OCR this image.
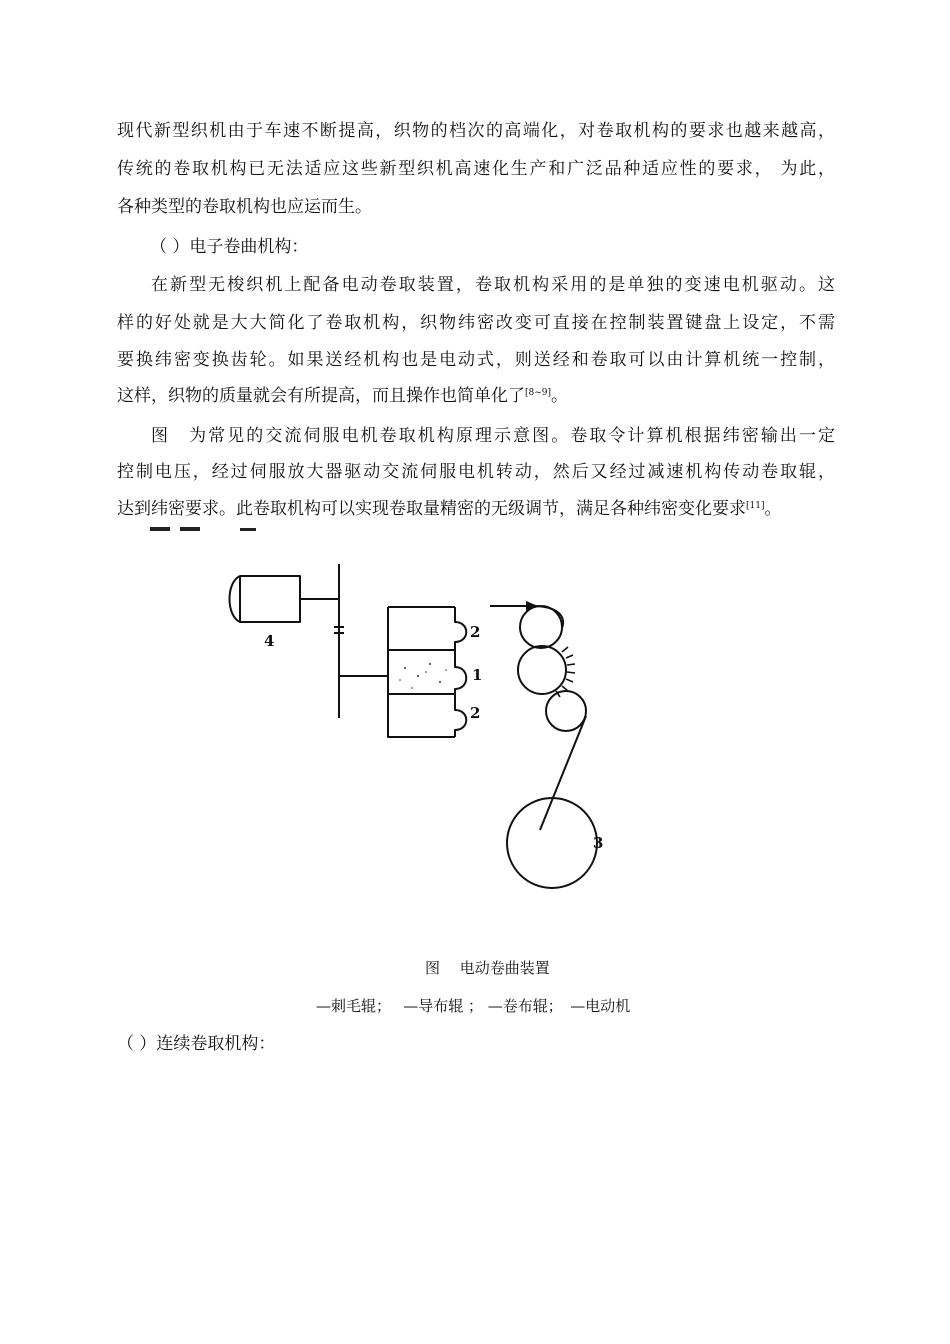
现代新型织机由于车速不断提高，织物的档次的高端化，对卷取机构的要求也越来越高，
传统的卷取机构已无法适应这些新型织机高速化生产和广泛品种适应性的要求， 为此，
各种类型的卷取机构也应运而生。
（ ）电子卷曲机构：
在新型无梭织机上配备电动卷取装置，卷取机构采用的是单独的变速电机驱动。这
样的好处就是大大简化了卷取机构，织物纬密改变可直接在控制装置键盘上设定，不需
要换纬密变换齿轮。如果送经机构也是电动式，则送经和卷取可以由计算机统一控制，
这样，织物的质量就会有所提高，而且操作也简单化了[8~9]。
图　为常见的交流伺服电机卷取机构原理示意图。卷取令计算机根据纬密输出一定
控制电压，经过伺服放大器驱动交流伺服电机转动，然后又经过减速机构传动卷取辊，
达到纬密要求。此卷取机构可以实现卷取量精密的无级调节，满足各种纬密变化要求[11]。
4	2
1
2
3
图　 电动卷曲装置
—刺毛辊；　 —导布辊 ； —卷布辊；　—电动机
（ ）连续卷取机构：
